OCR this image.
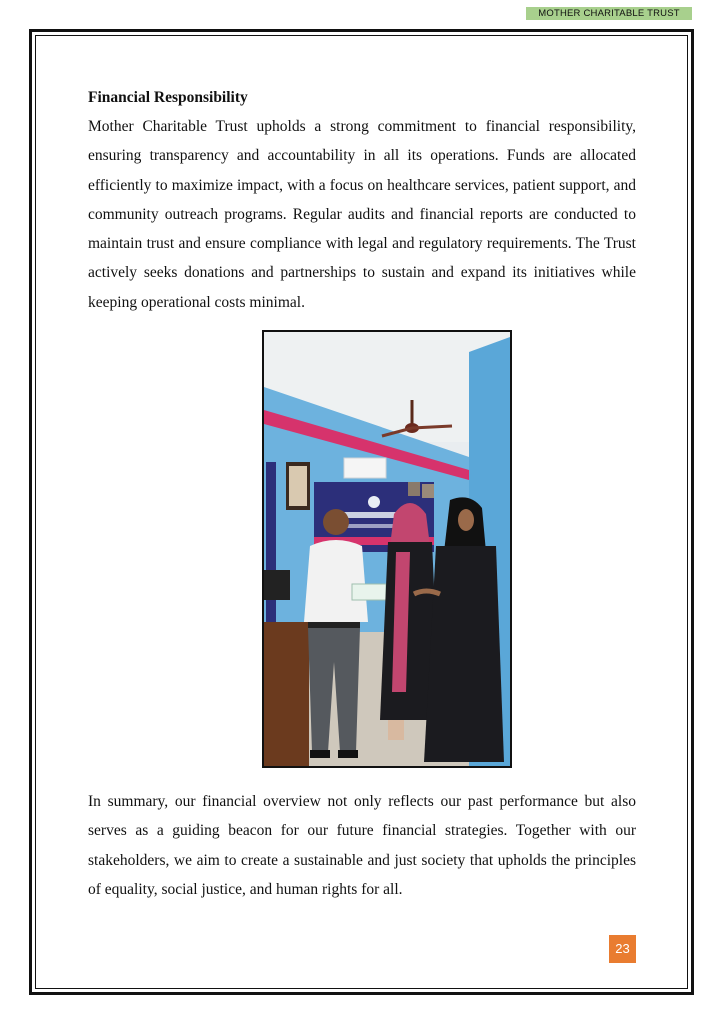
MOTHER CHARITABLE TRUST
Financial Responsibility

Mother Charitable Trust upholds a strong commitment to financial responsibility, ensuring transparency and accountability in all its operations. Funds are allocated efficiently to maximize impact, with a focus on healthcare services, patient support, and community outreach programs. Regular audits and financial reports are conducted to maintain trust and ensure compliance with legal and regulatory requirements. The Trust actively seeks donations and partnerships to sustain and expand its initiatives while keeping operational costs minimal.

In summary, our financial overview not only reflects our past performance but also serves as a guiding beacon for our future financial strategies. Together with our stakeholders, we aim to create a sustainable and just society that upholds the principles of equality, social justice, and human rights for all.

23
